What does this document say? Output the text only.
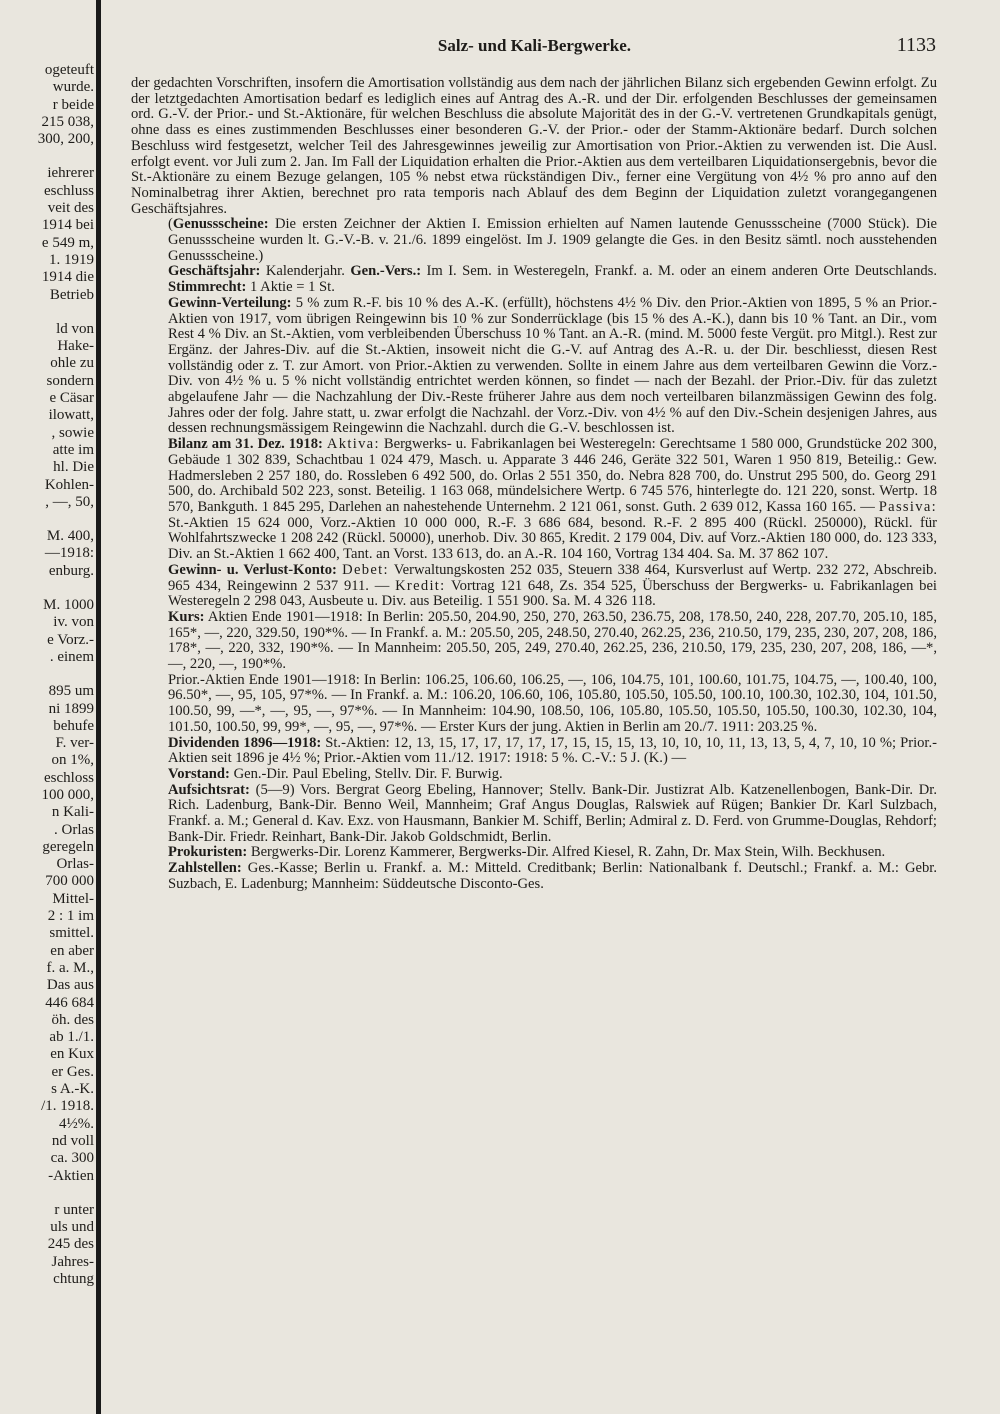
ogeteuft
wurde.
r beide
215 038,
300, 200,
iehrerer
eschluss
veit des
1914 bei
e 549 m,
1. 1919
1914 die
Betrieb
ld von
Hake-
ohle zu
sondern
e Cäsar
ilowatt,
, sowie
atte im
hl. Die
Kohlen-
, —, 50,
M. 400,
—1918:
enburg.
M. 1000
iv. von
e Vorz.-
. einem
895 um
ni 1899
behufe
F. ver-
on 1%,
eschloss
100 000,
n Kali-
. Orlas
geregeln
Orlas-
700 000
Mittel-
2 : 1 im
smittel.
en aber
f. a. M.,
Das aus
446 684
öh. des
ab 1./1.
en Kux
er Ges.
s A.-K.
/1. 1918.
4½%.
nd voll
ca. 300
-Aktien
r unter
uls und
245 des
Jahres-
chtung
Salz- und Kali-Bergwerke.	1133

der gedachten Vorschriften, insofern die Amortisation vollständig aus dem nach der jährlichen Bilanz sich ergebenden Gewinn erfolgt. Zu der letztgedachten Amortisation bedarf es lediglich eines auf Antrag des A.-R. und der Dir. erfolgenden Beschlusses der gemeinsamen ord. G.-V. der Prior.- und St.-Aktionäre, für welchen Beschluss die absolute Majorität des in der G.-V. vertretenen Grundkapitals genügt, ohne dass es eines zustimmenden Beschlusses einer besonderen G.-V. der Prior.- oder der Stamm-Aktionäre bedarf. Durch solchen Beschluss wird festgesetzt, welcher Teil des Jahresgewinnes jeweilig zur Amortisation von Prior.-Aktien zu verwenden ist. Die Ausl. erfolgt event. vor Juli zum 2. Jan. Im Fall der Liquidation erhalten die Prior.-Aktien aus dem verteilbaren Liquidationsergebnis, bevor die St.-Aktionäre zu einem Bezuge gelangen, 105 % nebst etwa rückständigen Div., ferner eine Vergütung von 4½ % pro anno auf den Nominalbetrag ihrer Aktien, berechnet pro rata temporis nach Ablauf des dem Beginn der Liquidation zuletzt vorangegangenen Geschäftsjahres.

(Genussscheine: Die ersten Zeichner der Aktien I. Emission erhielten auf Namen lautende Genussscheine (7000 Stück). Die Genussscheine wurden lt. G.-V.-B. v. 21./6. 1899 eingelöst. Im J. 1909 gelangte die Ges. in den Besitz sämtl. noch ausstehenden Genussscheine.)

Geschäftsjahr: Kalenderjahr. Gen.-Vers.: Im I. Sem. in Westeregeln, Frankf. a. M. oder an einem anderen Orte Deutschlands. Stimmrecht: 1 Aktie = 1 St.

Gewinn-Verteilung: 5 % zum R.-F. bis 10 % des A.-K. (erfüllt), höchstens 4½ % Div. den Prior.-Aktien von 1895, 5 % an Prior.-Aktien von 1917, vom übrigen Reingewinn bis 10 % zur Sonderrücklage (bis 15 % des A.-K.), dann bis 10 % Tant. an Dir., vom Rest 4 % Div. an St.-Aktien, vom verbleibenden Überschuss 10 % Tant. an A.-R. (mind. M. 5000 feste Vergüt. pro Mitgl.). Rest zur Ergänz. der Jahres-Div. auf die St.-Aktien, insoweit nicht die G.-V. auf Antrag des A.-R. u. der Dir. beschliesst, diesen Rest vollständig oder z. T. zur Amort. von Prior.-Aktien zu verwenden. Sollte in einem Jahre aus dem verteilbaren Gewinn die Vorz.-Div. von 4½ % u. 5 % nicht vollständig entrichtet werden können, so findet — nach der Bezahl. der Prior.-Div. für das zuletzt abgelaufene Jahr — die Nachzahlung der Div.-Reste früherer Jahre aus dem noch verteilbaren bilanzmässigen Gewinn des folg. Jahres oder der folg. Jahre statt, u. zwar erfolgt die Nachzahl. der Vorz.-Div. von 4½ % auf den Div.-Schein desjenigen Jahres, aus dessen rechnungsmässigem Reingewinn die Nachzahl. durch die G.-V. beschlossen ist.

Bilanz am 31. Dez. 1918: Aktiva: Bergwerks- u. Fabrikanlagen bei Westeregeln: Gerechtsame 1 580 000, Grundstücke 202 300, Gebäude 1 302 839, Schachtbau 1 024 479, Masch. u. Apparate 3 446 246, Geräte 322 501, Waren 1 950 819, Beteilig.: Gew. Hadmersleben 2 257 180, do. Rossleben 6 492 500, do. Orlas 2 551 350, do. Nebra 828 700, do. Unstrut 295 500, do. Georg 291 500, do. Archibald 502 223, sonst. Beteilig. 1 163 068, mündelsichere Wertp. 6 745 576, hinterlegte do. 121 220, sonst. Wertp. 18 570, Bankguth. 1 845 295, Darlehen an nahestehende Unternehm. 2 121 061, sonst. Guth. 2 639 012, Kassa 160 165. — Passiva: St.-Aktien 15 624 000, Vorz.-Aktien 10 000 000, R.-F. 3 686 684, besond. R.-F. 2 895 400 (Rückl. 250000), Rückl. für Wohlfahrtszwecke 1 208 242 (Rückl. 50000), unerhob. Div. 30 865, Kredit. 2 179 004, Div. auf Vorz.-Aktien 180 000, do. 123 333, Div. an St.-Aktien 1 662 400, Tant. an Vorst. 133 613, do. an A.-R. 104 160, Vortrag 134 404. Sa. M. 37 862 107.

Gewinn- u. Verlust-Konto: Debet: Verwaltungskosten 252 035, Steuern 338 464, Kursverlust auf Wertp. 232 272, Abschreib. 965 434, Reingewinn 2 537 911. — Kredit: Vortrag 121 648, Zs. 354 525, Überschuss der Bergwerks- u. Fabrikanlagen bei Westeregeln 2 298 043, Ausbeute u. Div. aus Beteilig. 1 551 900. Sa. M. 4 326 118.

Kurs: Aktien Ende 1901—1918: In Berlin: 205.50, 204.90, 250, 270, 263.50, 236.75, 208, 178.50, 240, 228, 207.70, 205.10, 185, 165*, —, 220, 329.50, 190*%. — In Frankf. a. M.: 205.50, 205, 248.50, 270.40, 262.25, 236, 210.50, 179, 235, 230, 207, 208, 186, 178*, —, 220, 332, 190*%. — In Mannheim: 205.50, 205, 249, 270.40, 262.25, 236, 210.50, 179, 235, 230, 207, 208, 186, —*, —, 220, —, 190*%.

Prior.-Aktien Ende 1901—1918: In Berlin: 106.25, 106.60, 106.25, —, 106, 104.75, 101, 100.60, 101.75, 104.75, —, 100.40, 100, 96.50*, —, 95, 105, 97*%. — In Frankf. a. M.: 106.20, 106.60, 106, 105.80, 105.50, 105.50, 100.10, 100.30, 102.30, 104, 101.50, 100.50, 99, —*, —, 95, —, 97*%. — In Mannheim: 104.90, 108.50, 106, 105.80, 105.50, 105.50, 105.50, 100.30, 102.30, 104, 101.50, 100.50, 99, 99*, —, 95, —, 97*%. — Erster Kurs der jung. Aktien in Berlin am 20./7. 1911: 203.25 %.

Dividenden 1896—1918: St.-Aktien: 12, 13, 15, 17, 17, 17, 17, 17, 15, 15, 15, 13, 10, 10, 10, 11, 13, 13, 5, 4, 7, 10, 10 %; Prior.-Aktien seit 1896 je 4½ %; Prior.-Aktien vom 11./12. 1917: 1918: 5 %. C.-V.: 5 J. (K.) —

Vorstand: Gen.-Dir. Paul Ebeling, Stellv. Dir. F. Burwig.

Aufsichtsrat: (5—9) Vors. Bergrat Georg Ebeling, Hannover; Stellv. Bank-Dir. Justizrat Alb. Katzenellenbogen, Bank-Dir. Dr. Rich. Ladenburg, Bank-Dir. Benno Weil, Mannheim; Graf Angus Douglas, Ralswiek auf Rügen; Bankier Dr. Karl Sulzbach, Frankf. a. M.; General d. Kav. Exz. von Hausmann, Bankier M. Schiff, Berlin; Admiral z. D. Ferd. von Grumme-Douglas, Rehdorf; Bank-Dir. Friedr. Reinhart, Bank-Dir. Jakob Goldschmidt, Berlin.

Prokuristen: Bergwerks-Dir. Lorenz Kammerer, Bergwerks-Dir. Alfred Kiesel, R. Zahn, Dr. Max Stein, Wilh. Beckhusen.

Zahlstellen: Ges.-Kasse; Berlin u. Frankf. a. M.: Mitteld. Creditbank; Berlin: Nationalbank f. Deutschl.; Frankf. a. M.: Gebr. Suzbach, E. Ladenburg; Mannheim: Süddeutsche Disconto-Ges.
